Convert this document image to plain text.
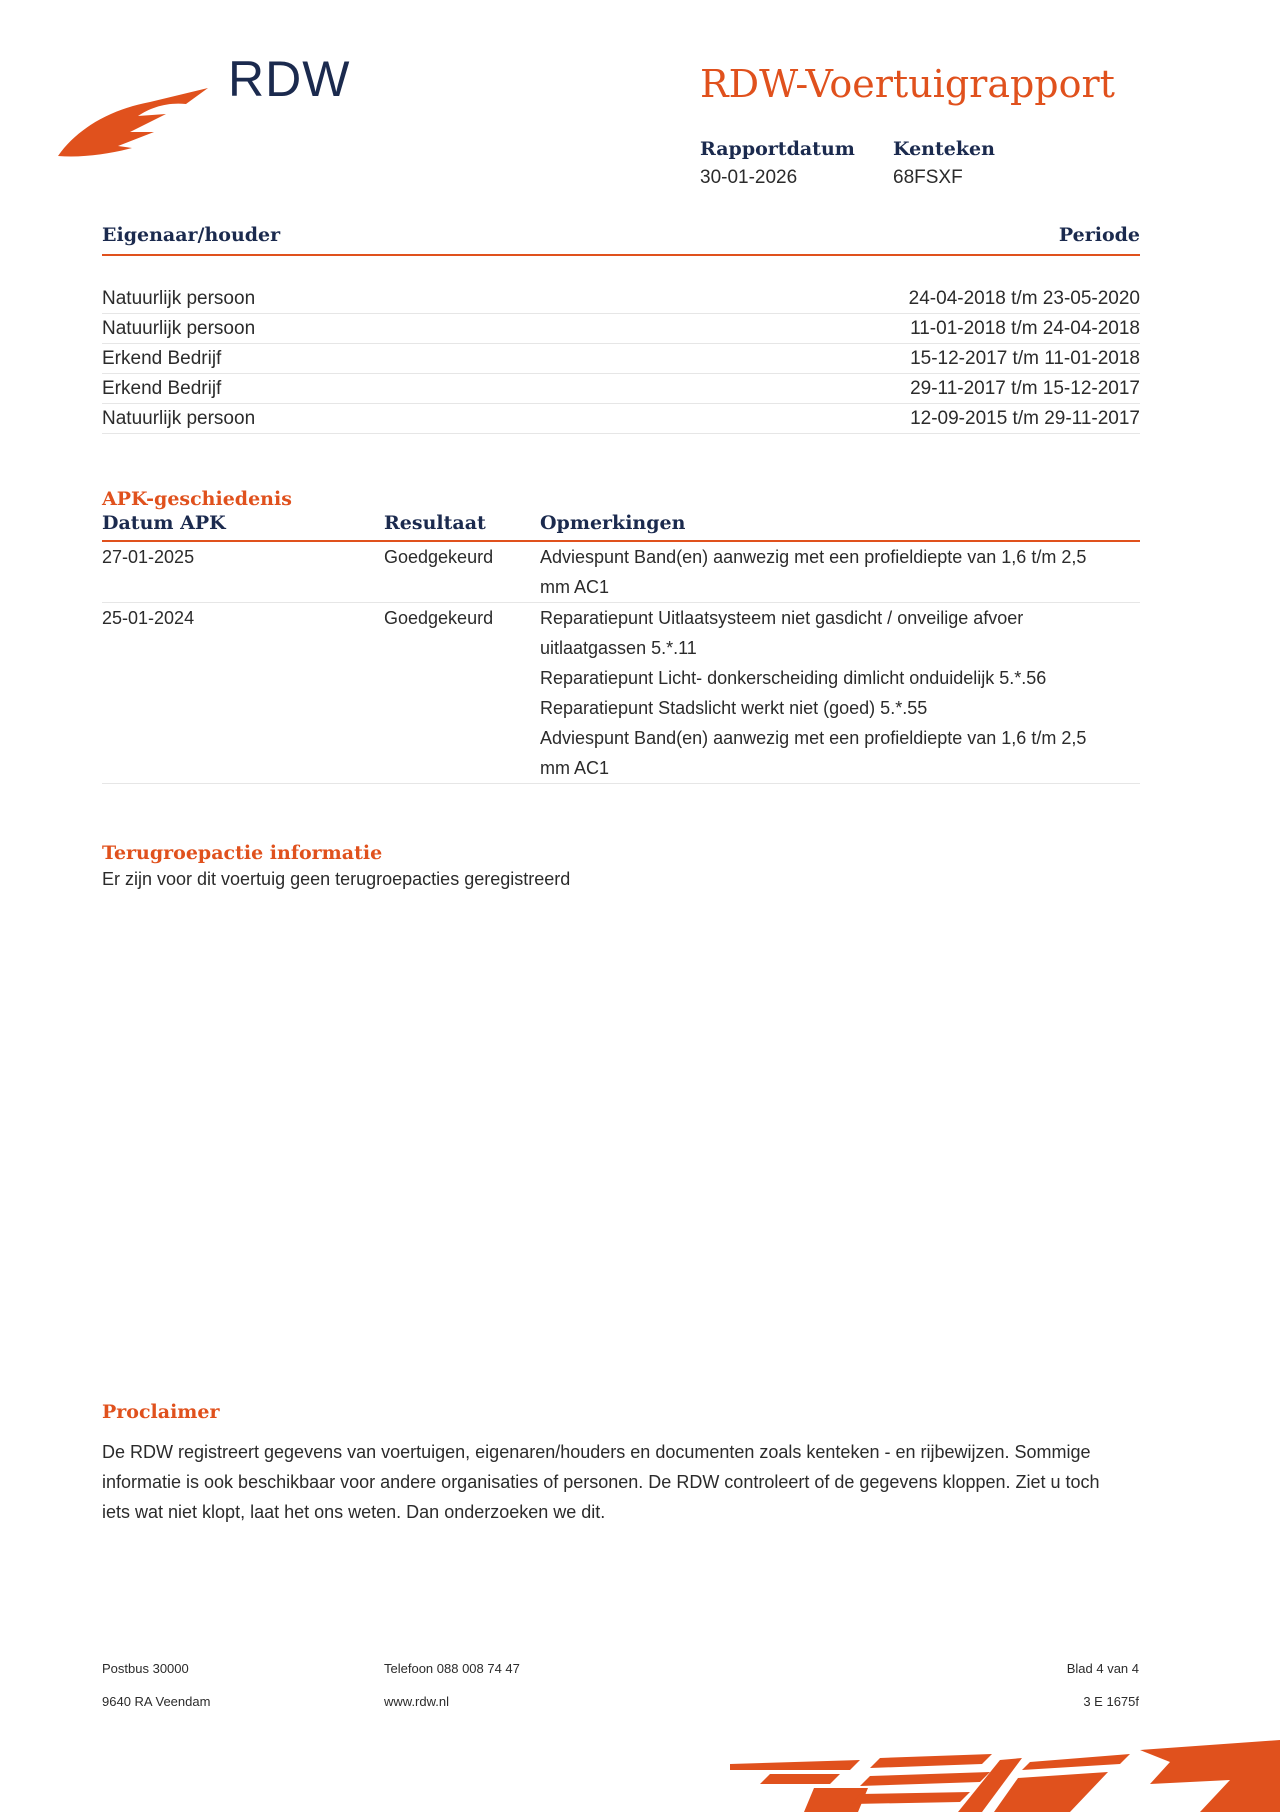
RDW	RDW-Voertuigrapport
Rapportdatum
30-01-2026
Kenteken
68FSXF
Eigenaar/houder	Periode
Natuurlijk persoon	24-04-2018 t/m 23-05-2020
Natuurlijk persoon	11-01-2018 t/m 24-04-2018
Erkend Bedrijf	15-12-2017 t/m 11-01-2018
Erkend Bedrijf	29-11-2017 t/m 15-12-2017
Natuurlijk persoon	12-09-2015 t/m 29-11-2017
APK-geschiedenis
Datum APK	Resultaat	Opmerkingen
27-01-2025	Goedgekeurd	Adviespunt Band(en) aanwezig met een profieldiepte van 1,6 t/m 2,5 mm AC1
25-01-2024	Goedgekeurd	Reparatiepunt Uitlaatsysteem niet gasdicht / onveilige afvoer uitlaatgassen 5.*.11
Reparatiepunt Licht- donkerscheiding dimlicht onduidelijk 5.*.56
Reparatiepunt Stadslicht werkt niet (goed) 5.*.55
Adviespunt Band(en) aanwezig met een profieldiepte van 1,6 t/m 2,5 mm AC1
Terugroepactie informatie
Er zijn voor dit voertuig geen terugroepacties geregistreerd
Proclaimer
De RDW registreert gegevens van voertuigen, eigenaren/houders en documenten zoals kenteken - en rijbewijzen. Sommige informatie is ook beschikbaar voor andere organisaties of personen. De RDW controleert of de gegevens kloppen. Ziet u toch iets wat niet klopt, laat het ons weten. Dan onderzoeken we dit.
Postbus 30000
9640 RA Veendam
Telefoon 088 008 74 47
www.rdw.nl
Blad 4 van 4
3 E 1675f
